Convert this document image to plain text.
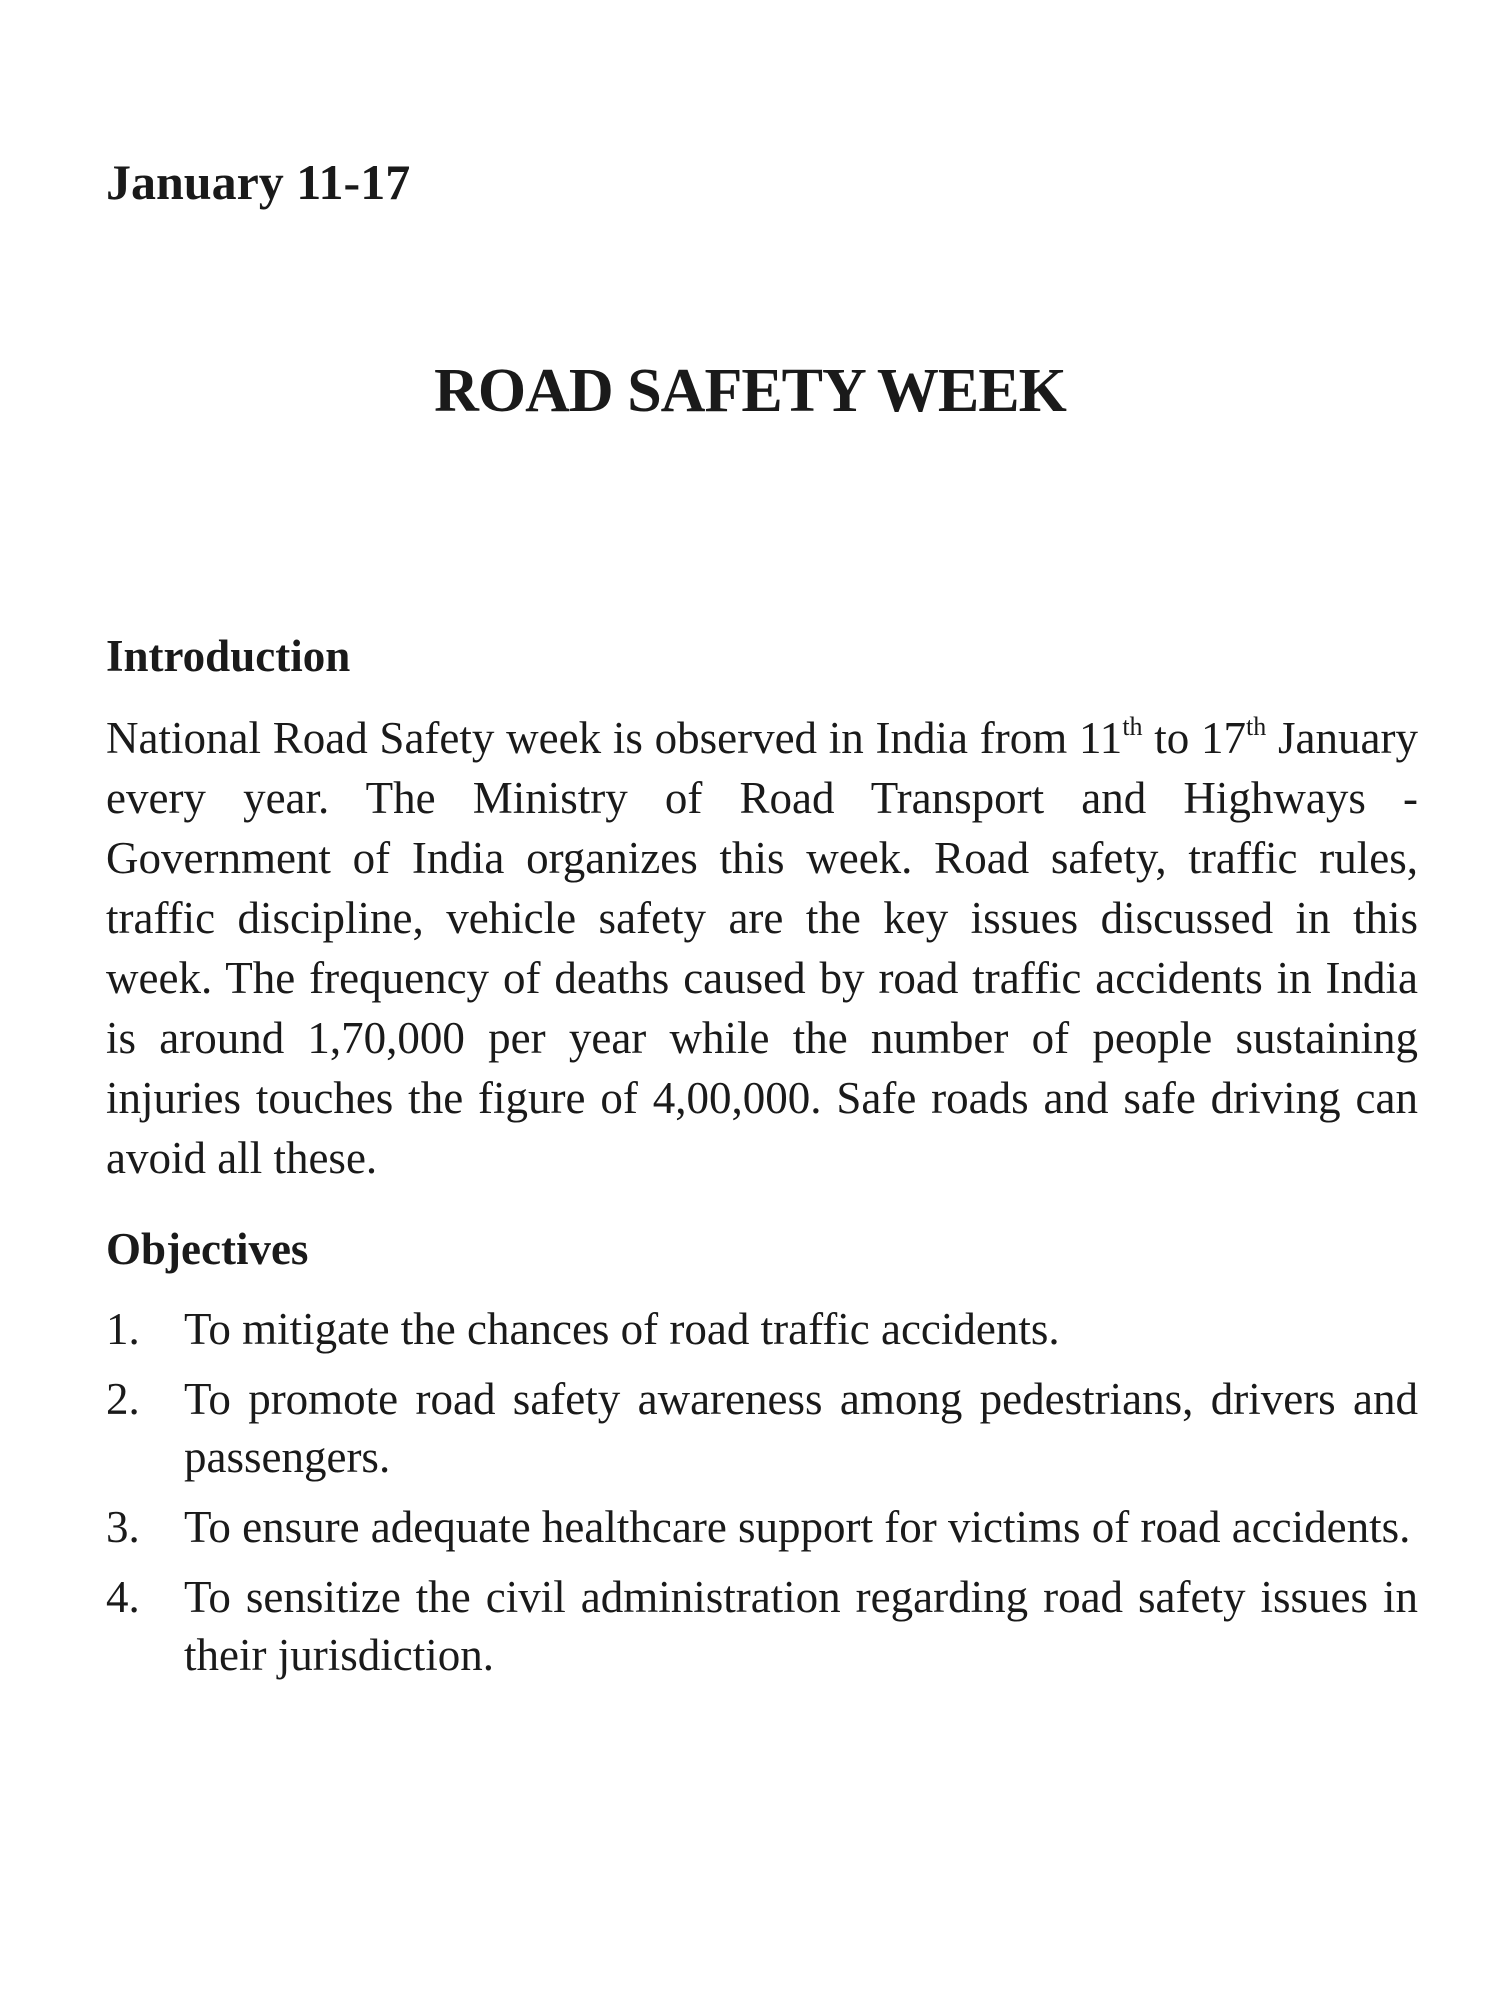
January 11-17
ROAD SAFETY WEEK
Introduction

National Road Safety week is observed in India from 11th to 17th January every year. The Ministry of Road Transport and Highways - Government of India organizes this week. Road safety, traffic rules, traffic discipline, vehicle safety are the key issues discussed in this week. The frequency of deaths caused by road traffic accidents in India is around 1,70,000 per year while the number of people sustaining injuries touches the figure of 4,00,000. Safe roads and safe driving can avoid all these.

Objectives
1. To mitigate the chances of road traffic accidents.
2. To promote road safety awareness among pedestrians, drivers and passengers.
3. To ensure adequate healthcare support for victims of road accidents.
4. To sensitize the civil administration regarding road safety issues in their jurisdiction.
